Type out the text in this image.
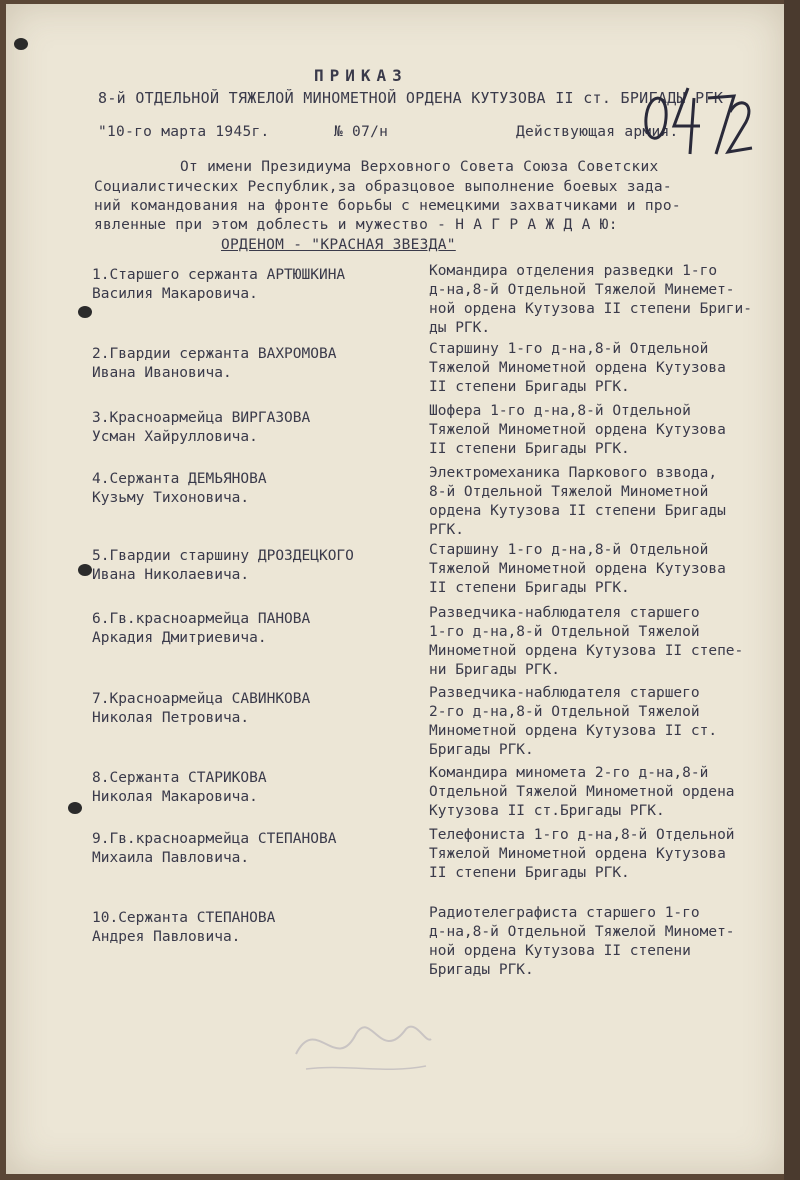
ПРИКАЗ
8-й ОТДЕЛЬНОЙ ТЯЖЕЛОЙ МИНОМЕТНОЙ ОРДЕНА КУТУЗОВА II ст. БРИГАДЫ РГК
"10-го марта 1945г.	№ 07/н	Действующая армия.
От имени Президиума Верховного Совета Союза Советских
Социалистических Республик,за образцовое выполнение боевых зада-
ний командования на фронте борьбы с немецкими захватчиками и про-
явленные при этом доблесть и мужество - Н А Г Р А Ж Д А Ю:
ОРДЕНОМ - "КРАСНАЯ ЗВЕЗДА"
1.Старшего сержанта АРТЮШКИНА
Василия Макаровича.
Командира отделения разведки 1-го
д-на,8-й Отдельной Тяжелой Минемет-
ной ордена Кутузова II степени Бриги-
ды РГК.
2.Гвардии сержанта ВАХРОМОВА
Ивана Ивановича.
Старшину 1-го д-на,8-й Отдельной
Тяжелой Минометной ордена Кутузова
II степени Бригады РГК.
3.Красноармейца ВИРГАЗОВА
Усман Хайрулловича.
Шофера 1-го д-на,8-й Отдельной
Тяжелой Минометной ордена Кутузова
II степени Бригады РГК.
4.Сержанта ДЕМЬЯНОВА
Кузьму Тихоновича.
Электромеханика Паркового взвода,
8-й Отдельной Тяжелой Минометной
ордена Кутузова II степени Бригады
РГК.
5.Гвардии старшину ДРОЗДЕЦКОГО
Ивана Николаевича.
Старшину 1-го д-на,8-й Отдельной
Тяжелой Минометной ордена Кутузова
II степени Бригады РГК.
6.Гв.красноармейца ПАНОВА
Аркадия Дмитриевича.
Разведчика-наблюдателя старшего
1-го д-на,8-й Отдельной Тяжелой
Минометной ордена Кутузова II степе-
ни Бригады РГК.
7.Красноармейца САВИНКОВА
Николая Петровича.
Разведчика-наблюдателя старшего
2-го д-на,8-й Отдельной Тяжелой
Минометной ордена Кутузова II ст.
Бригады РГК.
8.Сержанта СТАРИКОВА
Николая Макаровича.
Командира миномета 2-го д-на,8-й
Отдельной Тяжелой Минометной ордена
Кутузова II ст.Бригады РГК.
9.Гв.красноармейца СТЕПАНОВА
Михаила Павловича.
Телефониста 1-го д-на,8-й Отдельной
Тяжелой Минометной ордена Кутузова
II степени Бригады РГК.
10.Сержанта СТЕПАНОВА
Андрея Павловича.
Радиотелеграфиста старшего 1-го
д-на,8-й Отдельной Тяжелой Миномет-
ной ордена Кутузова II степени
Бригады РГК.
